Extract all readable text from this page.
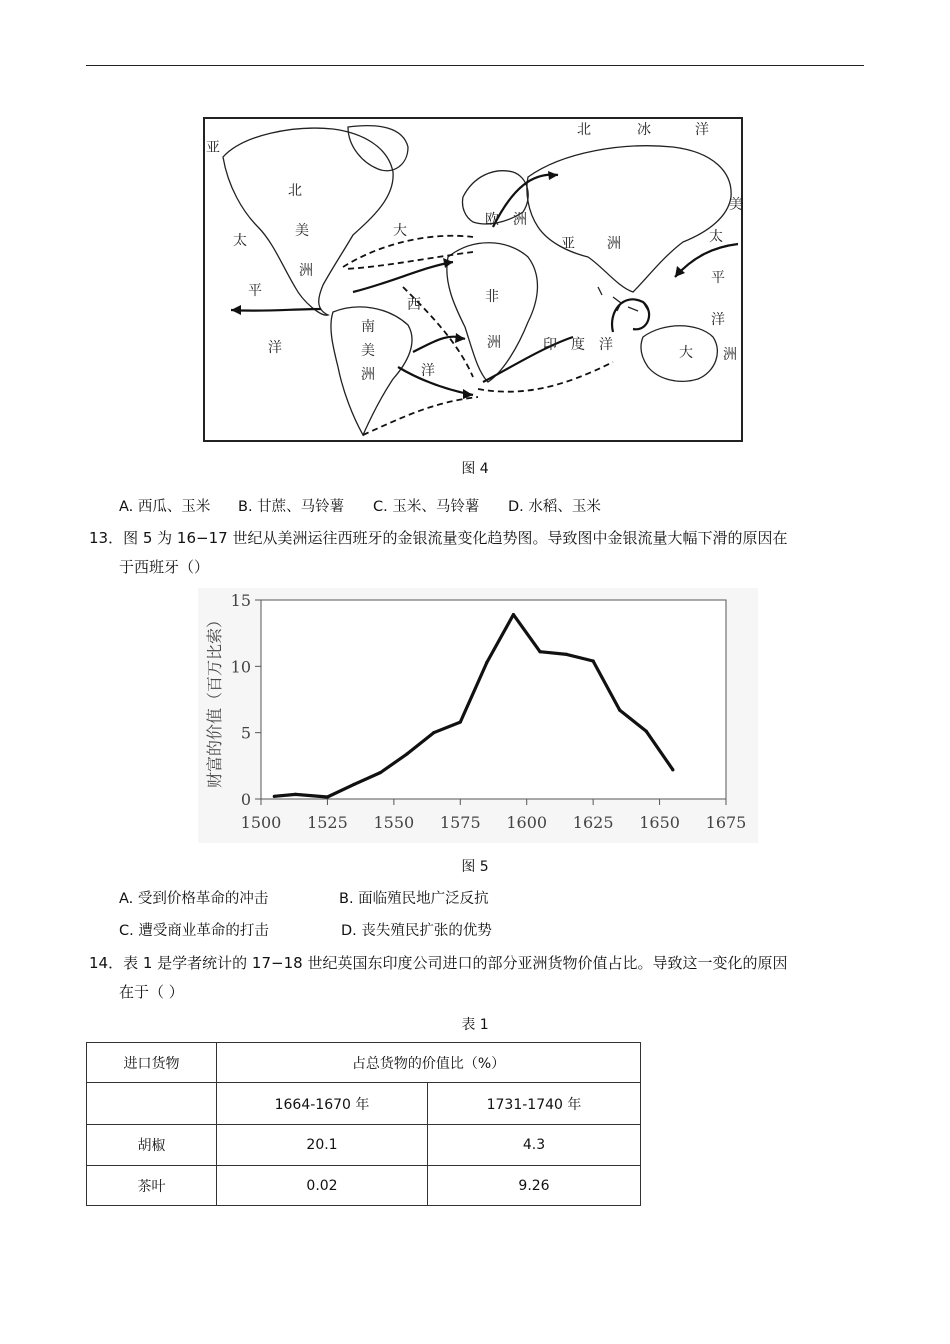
北	冰	洋
亚
北
美
洲
大
欧 洲
亚 洲
太
平
洋
西
南
美
洲
非
洲
洋
印 度 洋	大
太
平
洋
洲
美
图 4
A. 西瓜、玉米 B. 甘蔗、马铃薯 C. 玉米、马铃薯 D. 水稻、玉米
13．图 5 为 16−17 世纪从美洲运往西班牙的金银流量变化趋势图。导致图中金银流量大幅下滑的原因在
于西班牙（）
0
5
10
15
1500 1525 1550 1575 1600 1625 1650 1675
财富的价值（百万比索）
图 5
A. 受到价格革命的冲击	B. 面临殖民地广泛反抗
C. 遭受商业革命的打击	D. 丧失殖民扩张的优势
14．表 1 是学者统计的 17−18 世纪英国东印度公司进口的部分亚洲货物价值占比。导致这一变化的原因
在于（ ）
表 1
进口货物	占总货物的价值比（%）	
	1664-1670 年	1731-1740 年
胡椒	20.1	4.3
茶叶	0.02	9.26
